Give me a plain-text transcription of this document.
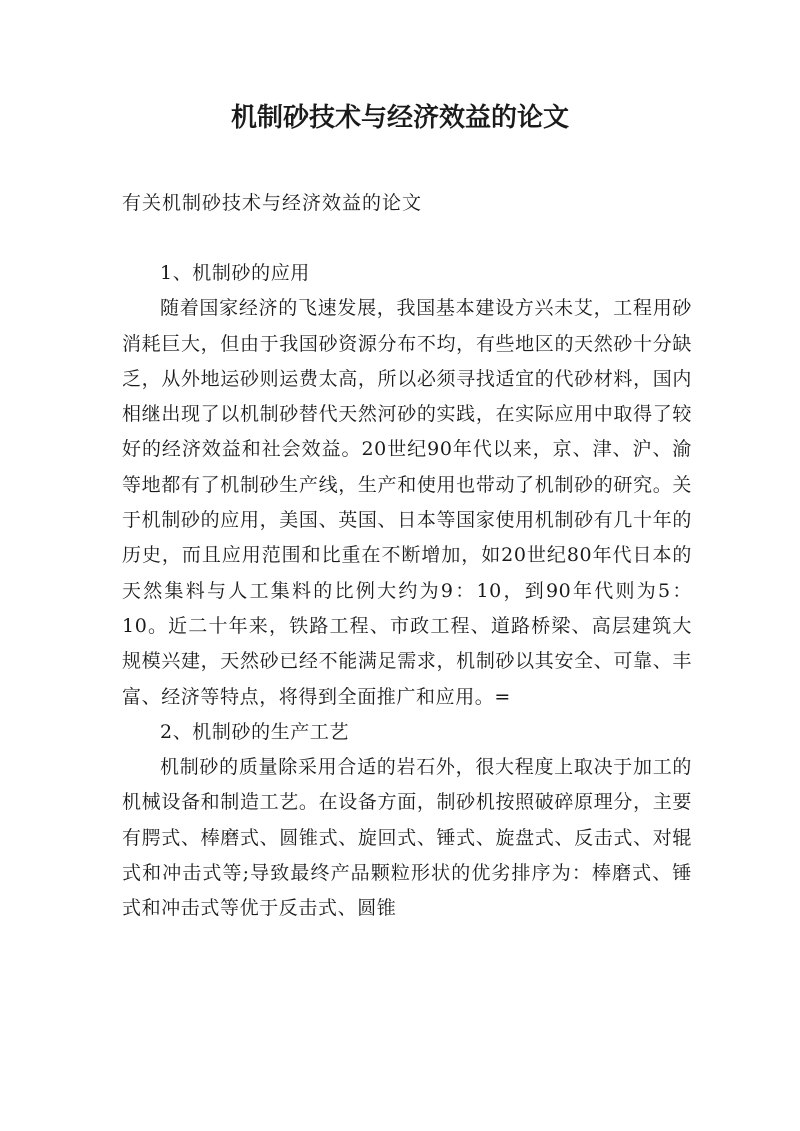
机制砂技术与经济效益的论文
有关机制砂技术与经济效益的论文

1、机制砂的应用

随着国家经济的飞速发展，我国基本建设方兴未艾，工程用砂消耗巨大，但由于我国砂资源分布不均，有些地区的天然砂十分缺乏，从外地运砂则运费太高，所以必须寻找适宜的代砂材料，国内相继出现了以机制砂替代天然河砂的实践，在实际应用中取得了较好的经济效益和社会效益。20世纪90年代以来，京、津、沪、渝等地都有了机制砂生产线，生产和使用也带动了机制砂的研究。关于机制砂的应用，美国、英国、日本等国家使用机制砂有几十年的历史，而且应用范围和比重在不断增加，如20世纪80年代日本的天然集料与人工集料的比例大约为9：10，到90年代则为5：10。近二十年来，铁路工程、市政工程、道路桥梁、高层建筑大规模兴建，天然砂已经不能满足需求，机制砂以其安全、可靠、丰富、经济等特点，将得到全面推广和应用。=

2、机制砂的生产工艺

机制砂的质量除采用合适的岩石外，很大程度上取决于加工的机械设备和制造工艺。在设备方面，制砂机按照破碎原理分，主要有腭式、棒磨式、圆锥式、旋回式、锤式、旋盘式、反击式、对辊式和冲击式等;导致最终产品颗粒形状的优劣排序为：棒磨式、锤式和冲击式等优于反击式、圆锥
